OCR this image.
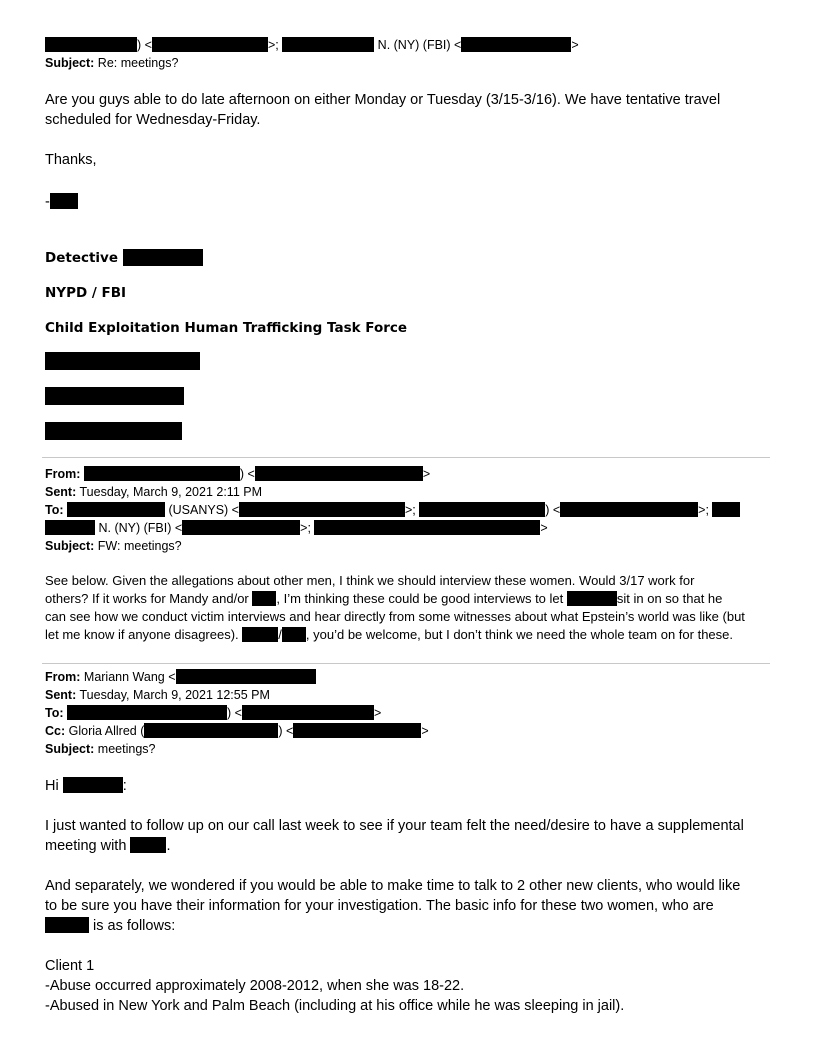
) <	>;	N. (NY) (FBI) <	>
Subject: Re: meetings?
Are you guys able to do late afternoon on either Monday or Tuesday (3/15-3/16). We have tentative travel
scheduled for Wednesday-Friday.
Thanks,
-
Detective
NYPD / FBI
Child Exploitation Human Trafficking Task Force
From:	) <	>
Sent: Tuesday, March 9, 2021 2:11 PM
To:	(USANYS) <	>;	) <	>;
N. (NY) (FBI) <	>;	>
Subject: FW: meetings?
See below. Given the allegations about other men, I think we should interview these women. Would 3/17 work for
others? If it works for Mandy and/or , I’m thinking these could be good interviews to let	sit in on so that he
can see how we conduct victim interviews and hear directly from some witnesses about what Epstein’s world was like (but
let me know if anyone disagrees).	/ , you’d be welcome, but I don’t think we need the whole team on for these.
From: Mariann Wang <
Sent: Tuesday, March 9, 2021 12:55 PM
To:	) <	>
Cc: Gloria Allred (	) <	>
Subject: meetings?
Hi	:
I just wanted to follow up on our call last week to see if your team felt the need/desire to have a supplemental
meeting with .
And separately, we wondered if you would be able to make time to talk to 2 other new clients, who would like
to be sure you have their information for your investigation. The basic info for these two women, who are
is as follows:
Client 1
-Abuse occurred approximately 2008-2012, when she was 18-22.
-Abused in New York and Palm Beach (including at his office while he was sleeping in jail).
